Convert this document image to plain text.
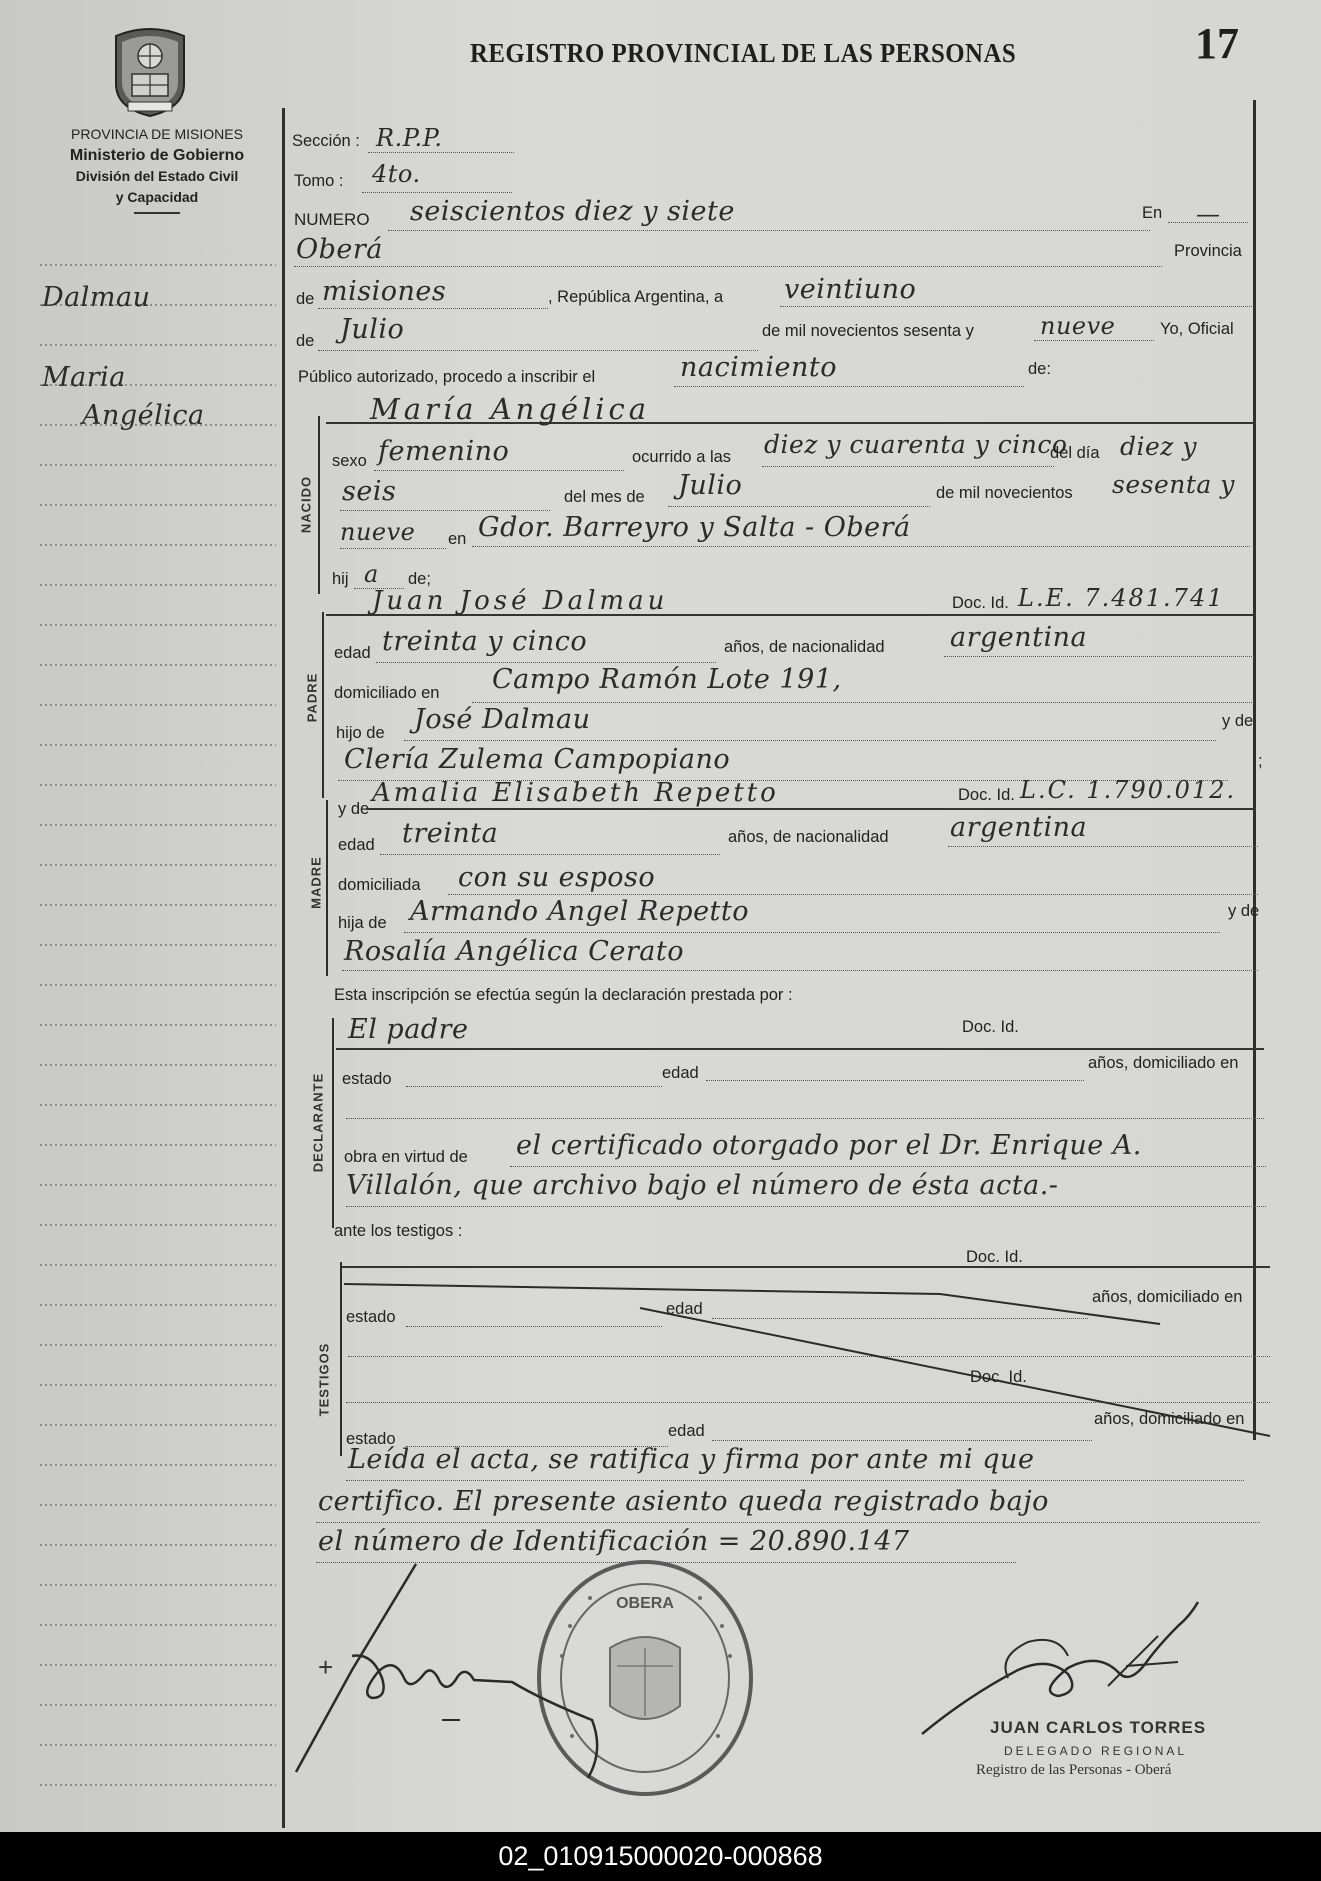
REGISTRO PROVINCIAL DE LAS PERSONAS	17
PROVINCIA DE MISIONES
Ministerio de Gobierno
División del Estado Civil
y Capacidad
Dalmau
Maria
Angélica
Sección : R.P.P.
Tomo : 4to.
NUMERO seiscientos diez y siete	En —
Oberá	Provincia
de misiones	, República Argentina, a veintiuno
de Julio	de mil novecientos sesenta y	nueve	Yo, Oficial
Público autorizado, procedo a inscribir el	nacimiento	de:
NACIDO
María Angélica
sexo femenino	ocurrido a las diez y cuarenta y cinco
del día diez y
seis	del mes de Julio	de mil novecientos sesenta y
nueve en Gdor. Barreyro y Salta - Oberá
hij a de;
PADRE
Juan José Dalmau	Doc. Id. L.E. 7.481.741
edad treinta y cinco	años, de nacionalidad argentina
domiciliado en Campo Ramón Lote 191,
hijo de José Dalmau	y de
Clería Zulema Campopiano	;
MADRE
y de
Amalia Elisabeth Repetto	Doc. Id. L.C. 1.790.012.
edad treinta	años, de nacionalidad argentina
domiciliada con su esposo
hija de Armando Angel Repetto	y de
Rosalía Angélica Cerato
Esta inscripción se efectúa según la declaración prestada por :
DECLARANTE
El padre	Doc. Id.
estado	edad
años, domiciliado en
obra en virtud de el certificado otorgado por el Dr. Enrique A.
Villalón, que archivo bajo el número de ésta acta.-
ante los testigos :
TESTIGOS
Doc. Id.
estado	edad
años, domiciliado en
Doc. Id.
estado	edad
años, domiciliado en
Leída el acta, se ratifica y firma por ante mi que
certifico. El presente asiento queda registrado bajo
el número de Identificación = 20.890.147
OBERA
+
Dalmau
JUAN CARLOS TORRES
DELEGADO REGIONAL
Registro de las Personas - Oberá
02_010915000020-000868
